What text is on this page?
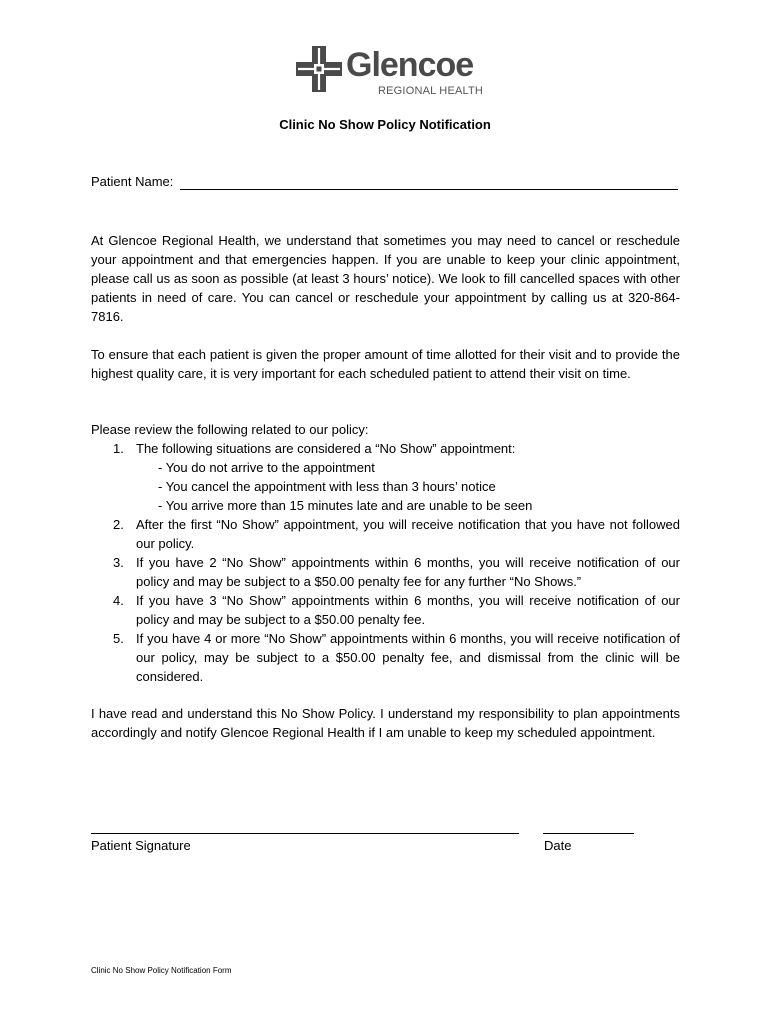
Glencoe
REGIONAL HEALTH
Clinic No Show Policy Notification
Patient Name:

At Glencoe Regional Health, we understand that sometimes you may need to cancel or reschedule your appointment and that emergencies happen. If you are unable to keep your clinic appointment, please call us as soon as possible (at least 3 hours’ notice). We look to fill cancelled spaces with other patients in need of care. You can cancel or reschedule your appointment by calling us at 320-864-7816.

To ensure that each patient is given the proper amount of time allotted for their visit and to provide the highest quality care, it is very important for each scheduled patient to attend their visit on time.

Please review the following related to our policy:

1. The following situations are considered a “No Show” appointment:
- You do not arrive to the appointment
- You cancel the appointment with less than 3 hours’ notice
- You arrive more than 15 minutes late and are unable to be seen
2. After the first “No Show” appointment, you will receive notification that you have not followed our policy.
3. If you have 2 “No Show” appointments within 6 months, you will receive notification of our policy and may be subject to a $50.00 penalty fee for any further “No Shows.”
4. If you have 3 “No Show” appointments within 6 months, you will receive notification of our policy and may be subject to a $50.00 penalty fee.
5. If you have 4 or more “No Show” appointments within 6 months, you will receive notification of our policy, may be subject to a $50.00 penalty fee, and dismissal from the clinic will be considered.

I have read and understand this No Show Policy. I understand my responsibility to plan appointments accordingly and notify Glencoe Regional Health if I am unable to keep my scheduled appointment.

Patient Signature	Date
Clinic No Show Policy Notification Form
